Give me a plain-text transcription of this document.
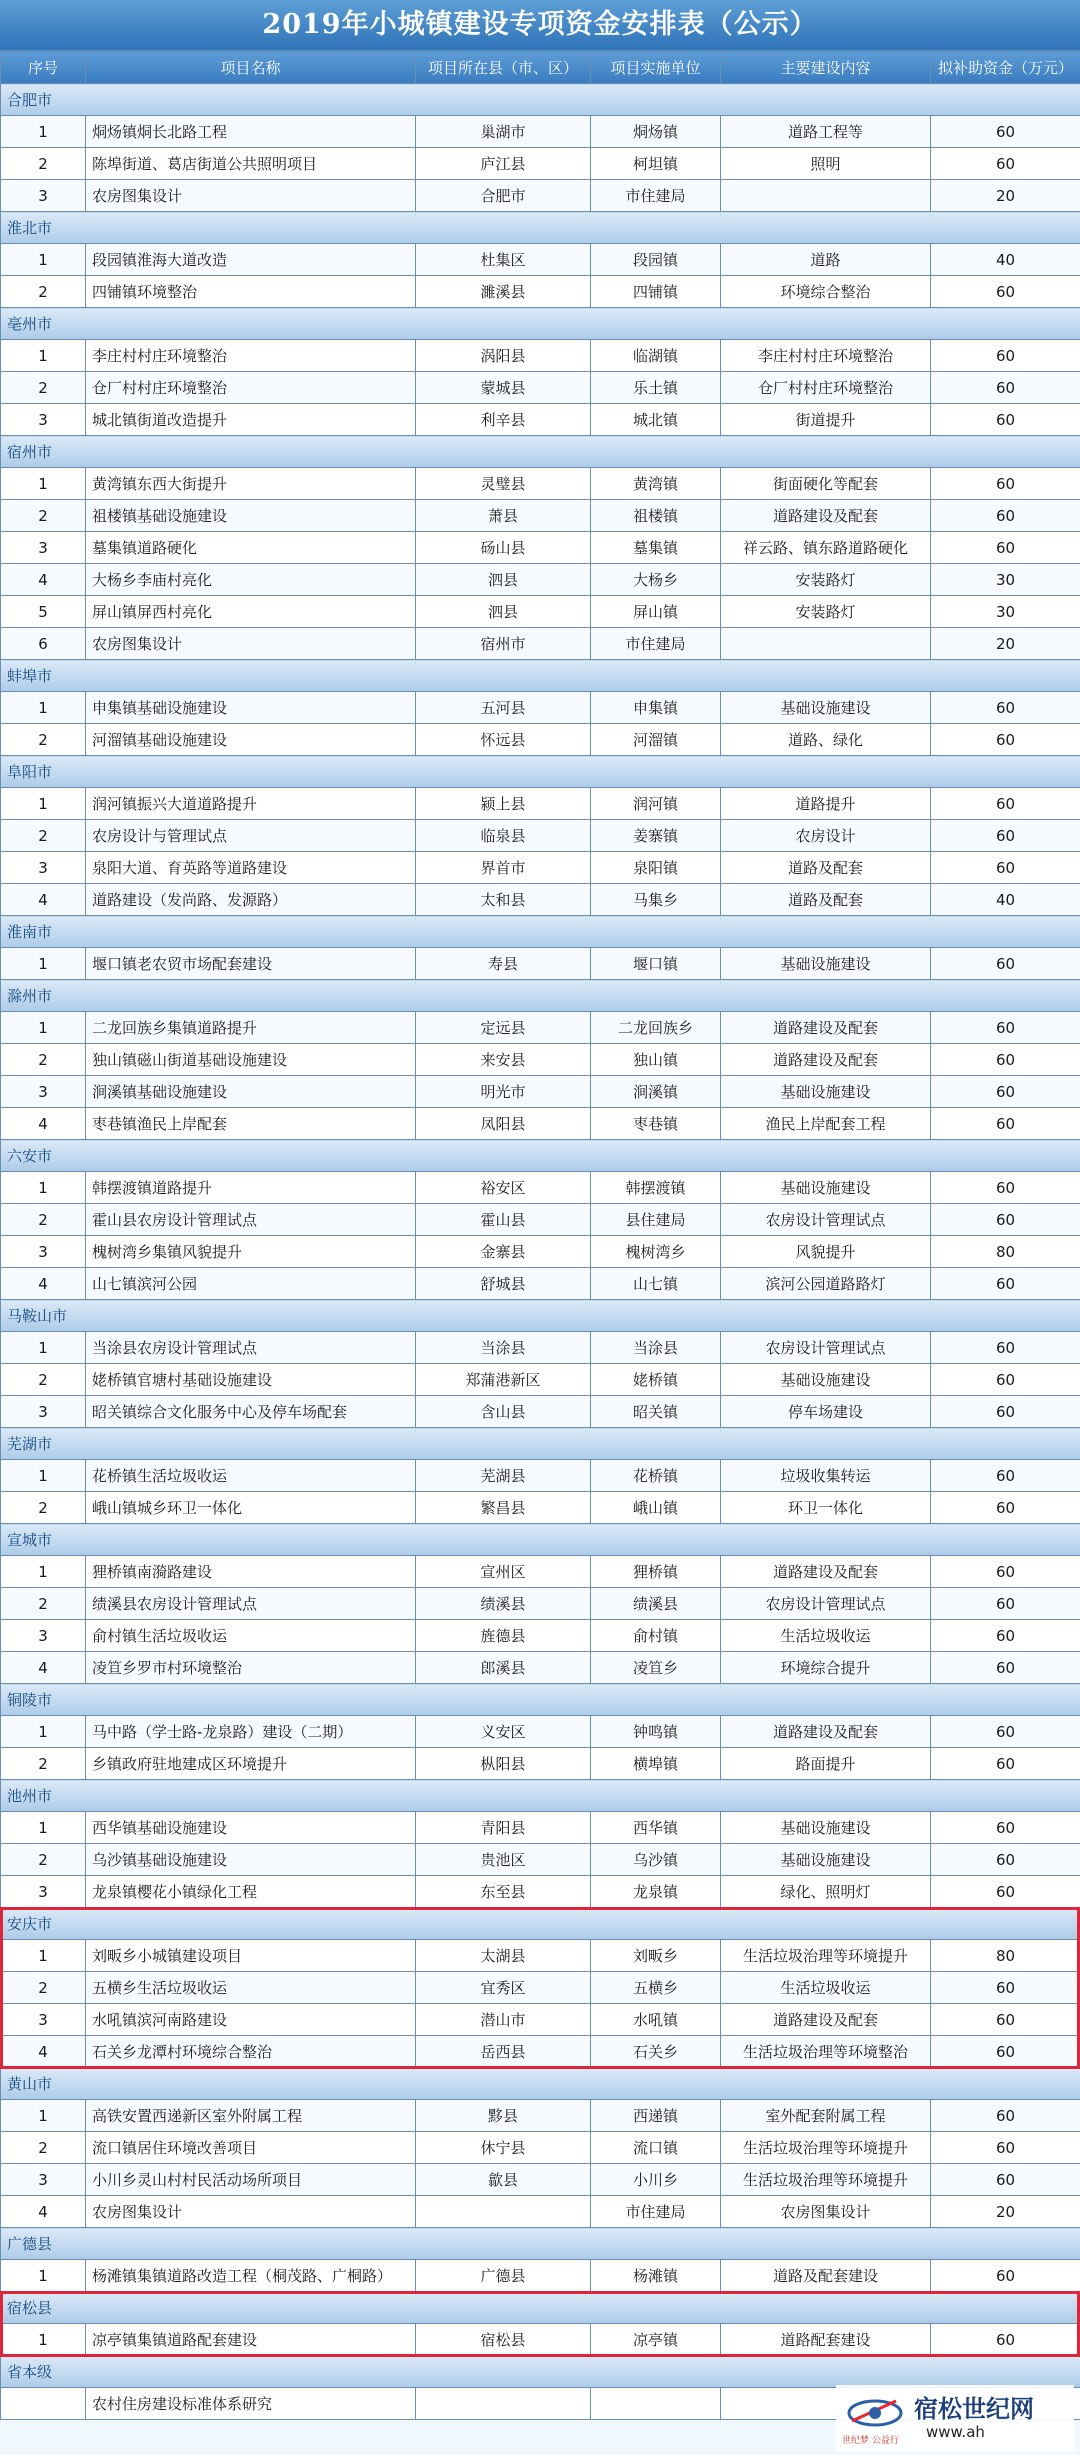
2019年小城镇建设专项资金安排表（公示）
序号	项目名称	项目所在县（市、区）	项目实施单位	主要建设内容	拟补助资金（万元）
合肥市					
1	烔炀镇烔长北路工程	巢湖市	烔炀镇	道路工程等	60
2	陈埠街道、葛店街道公共照明项目	庐江县	柯坦镇	照明	60
3	农房图集设计	合肥市	市住建局		20
淮北市					
1	段园镇淮海大道改造	杜集区	段园镇	道路	40
2	四铺镇环境整治	濉溪县	四铺镇	环境综合整治	60
亳州市					
1	李庄村村庄环境整治	涡阳县	临湖镇	李庄村村庄环境整治	60
2	仓厂村村庄环境整治	蒙城县	乐土镇	仓厂村村庄环境整治	60
3	城北镇街道改造提升	利辛县	城北镇	街道提升	60
宿州市					
1	黄湾镇东西大街提升	灵璧县	黄湾镇	街面硬化等配套	60
2	祖楼镇基础设施建设	萧县	祖楼镇	道路建设及配套	60
3	墓集镇道路硬化	砀山县	墓集镇	祥云路、镇东路道路硬化	60
4	大杨乡李庙村亮化	泗县	大杨乡	安装路灯	30
5	屏山镇屏西村亮化	泗县	屏山镇	安装路灯	30
6	农房图集设计	宿州市	市住建局		20
蚌埠市					
1	申集镇基础设施建设	五河县	申集镇	基础设施建设	60
2	河溜镇基础设施建设	怀远县	河溜镇	道路、绿化	60
阜阳市					
1	润河镇振兴大道道路提升	颍上县	润河镇	道路提升	60
2	农房设计与管理试点	临泉县	姜寨镇	农房设计	60
3	泉阳大道、育英路等道路建设	界首市	泉阳镇	道路及配套	60
4	道路建设（发尚路、发源路）	太和县	马集乡	道路及配套	40
淮南市					
1	堰口镇老农贸市场配套建设	寿县	堰口镇	基础设施建设	60
滁州市					
1	二龙回族乡集镇道路提升	定远县	二龙回族乡	道路建设及配套	60
2	独山镇磁山街道基础设施建设	来安县	独山镇	道路建设及配套	60
3	涧溪镇基础设施建设	明光市	涧溪镇	基础设施建设	60
4	枣巷镇渔民上岸配套	凤阳县	枣巷镇	渔民上岸配套工程	60
六安市					
1	韩摆渡镇道路提升	裕安区	韩摆渡镇	基础设施建设	60
2	霍山县农房设计管理试点	霍山县	县住建局	农房设计管理试点	60
3	槐树湾乡集镇风貌提升	金寨县	槐树湾乡	风貌提升	80
4	山七镇滨河公园	舒城县	山七镇	滨河公园道路路灯	60
马鞍山市					
1	当涂县农房设计管理试点	当涂县	当涂县	农房设计管理试点	60
2	姥桥镇官塘村基础设施建设	郑蒲港新区	姥桥镇	基础设施建设	60
3	昭关镇综合文化服务中心及停车场配套	含山县	昭关镇	停车场建设	60
芜湖市					
1	花桥镇生活垃圾收运	芜湖县	花桥镇	垃圾收集转运	60
2	峨山镇城乡环卫一体化	繁昌县	峨山镇	环卫一体化	60
宣城市					
1	狸桥镇南漪路建设	宣州区	狸桥镇	道路建设及配套	60
2	绩溪县农房设计管理试点	绩溪县	绩溪县	农房设计管理试点	60
3	俞村镇生活垃圾收运	旌德县	俞村镇	生活垃圾收运	60
4	凌笪乡罗市村环境整治	郎溪县	凌笪乡	环境综合提升	60
铜陵市					
1	马中路（学士路-龙泉路）建设（二期）	义安区	钟鸣镇	道路建设及配套	60
2	乡镇政府驻地建成区环境提升	枞阳县	横埠镇	路面提升	60
池州市					
1	西华镇基础设施建设	青阳县	西华镇	基础设施建设	60
2	乌沙镇基础设施建设	贵池区	乌沙镇	基础设施建设	60
3	龙泉镇樱花小镇绿化工程	东至县	龙泉镇	绿化、照明灯	60
安庆市					
1	刘畈乡小城镇建设项目	太湖县	刘畈乡	生活垃圾治理等环境提升	80
2	五横乡生活垃圾收运	宜秀区	五横乡	生活垃圾收运	60
3	水吼镇滨河南路建设	潜山市	水吼镇	道路建设及配套	60
4	石关乡龙潭村环境综合整治	岳西县	石关乡	生活垃圾治理等环境整治	60
黄山市					
1	高铁安置西递新区室外附属工程	黟县	西递镇	室外配套附属工程	60
2	流口镇居住环境改善项目	休宁县	流口镇	生活垃圾治理等环境提升	60
3	小川乡灵山村村民活动场所项目	歙县	小川乡	生活垃圾治理等环境提升	60
4	农房图集设计		市住建局	农房图集设计	20
广德县					
1	杨滩镇集镇道路改造工程（桐茂路、广桐路）	广德县	杨滩镇	道路及配套建设	60
宿松县					
1	凉亭镇集镇道路配套建设	宿松县	凉亭镇	道路配套建设	60
省本级					
	农村住房建设标准体系研究					宿松世纪网
www.ah
世纪梦 公益行
